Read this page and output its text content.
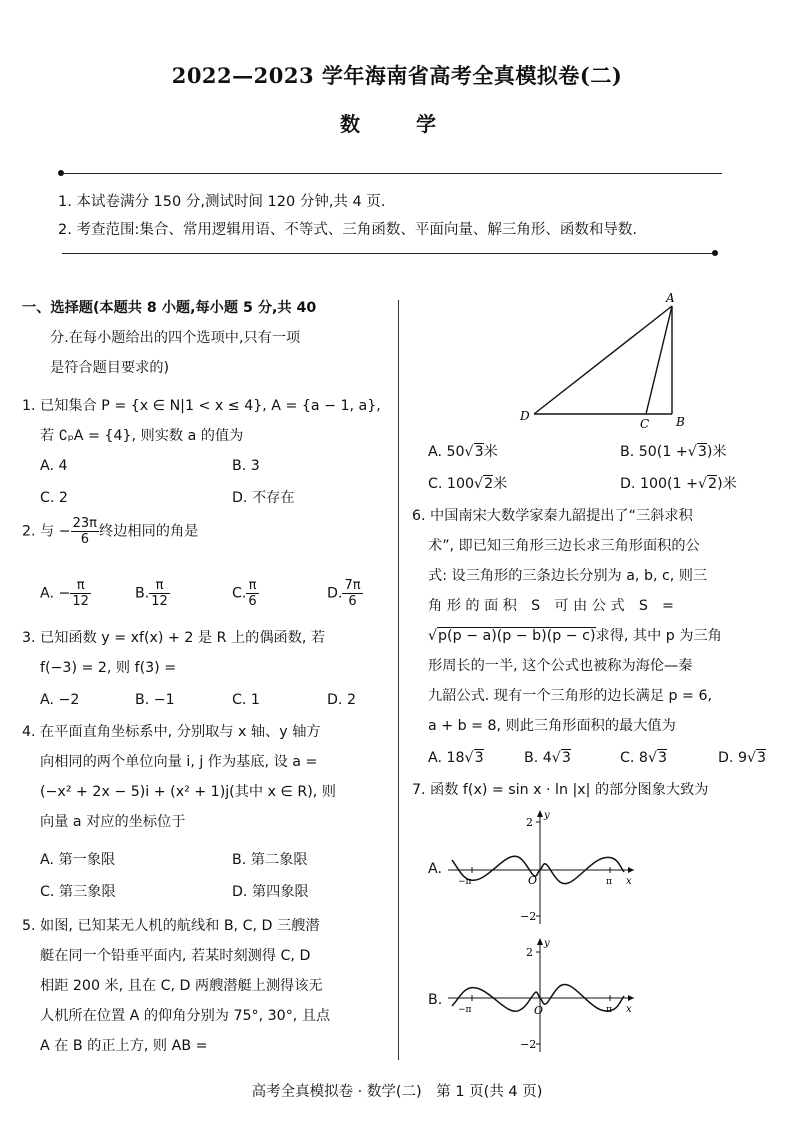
2022—2023 学年海南省高考全真模拟卷(二)
数　学
1. 本试卷满分 150 分,测试时间 120 分钟,共 4 页.
2. 考查范围:集合、常用逻辑用语、不等式、三角函数、平面向量、解三角形、函数和导数.
一、选择题(本题共 8 小题,每小题 5 分,共 40
分.在每小题给出的四个选项中,只有一项
是符合题目要求的)
1. 已知集合 P = {x ∈ N|1 < x ≤ 4}, A = {a − 1, a},
若 ∁ₚA = {4}, 则实数 a 的值为
A. 4	B. 3
C. 2	D. 不存在
2. 与 − $\frac{23\pi}{6}$ 终边相同的角是
A. − $\frac{\pi}{12}$	B. $\frac{\pi}{12}$	C. $\frac{\pi}{6}$	D. $\frac{7\pi}{6}$
3. 已知函数 y = xf(x) + 2 是 R 上的偶函数, 若
f(−3) = 2, 则 f(3) =
A. −2	B. −1	C. 1	D. 2
4. 在平面直角坐标系中, 分别取与 x 轴、y 轴方
向相同的两个单位向量 i, j 作为基底, 设 a =
(−x² + 2x − 5)i + (x² + 1)j(其中 x ∈ R), 则
向量 a 对应的坐标位于
A. 第一象限	B. 第二象限
C. 第三象限	D. 第四象限
5. 如图, 已知某无人机的航线和 B, C, D 三艘潜
艇在同一个铅垂平面内, 若某时刻测得 C, D
相距 200 米, 且在 C, D 两艘潜艇上测得该无
人机所在位置 A 的仰角分别为 75°, 30°, 且点
A 在 B 的正上方, 则 AB =
A
B
C
D
A. 50√3米	B. 50(1 +√3)米
C. 100√2米	D. 100(1 +√2)米
6. 中国南宋大数学家秦九韶提出了“三斜求积
术”, 即已知三角形三边长求三角形面积的公
式: 设三角形的三条边长分别为 a, b, c, 则三
角 形 的 面 积　S　可 由 公 式　S　=
√p(p − a)(p − b)(p − c)求得, 其中 p 为三角
形周长的一半, 这个公式也被称为海伦—秦
九韶公式. 现有一个三角形的边长满足 p = 6,
a + b = 8, 则此三角形面积的最大值为
A. 18√3	B. 4√3	C. 8√3	D. 9√3
7. 函数 f(x) = sin x · ln |x| 的部分图象大致为
A.
2
−2
y
x
O
−π	π
B.
2
−2
y
x
O
−π	π
高考全真模拟卷 · 数学(二)　第 1 页(共 4 页)
